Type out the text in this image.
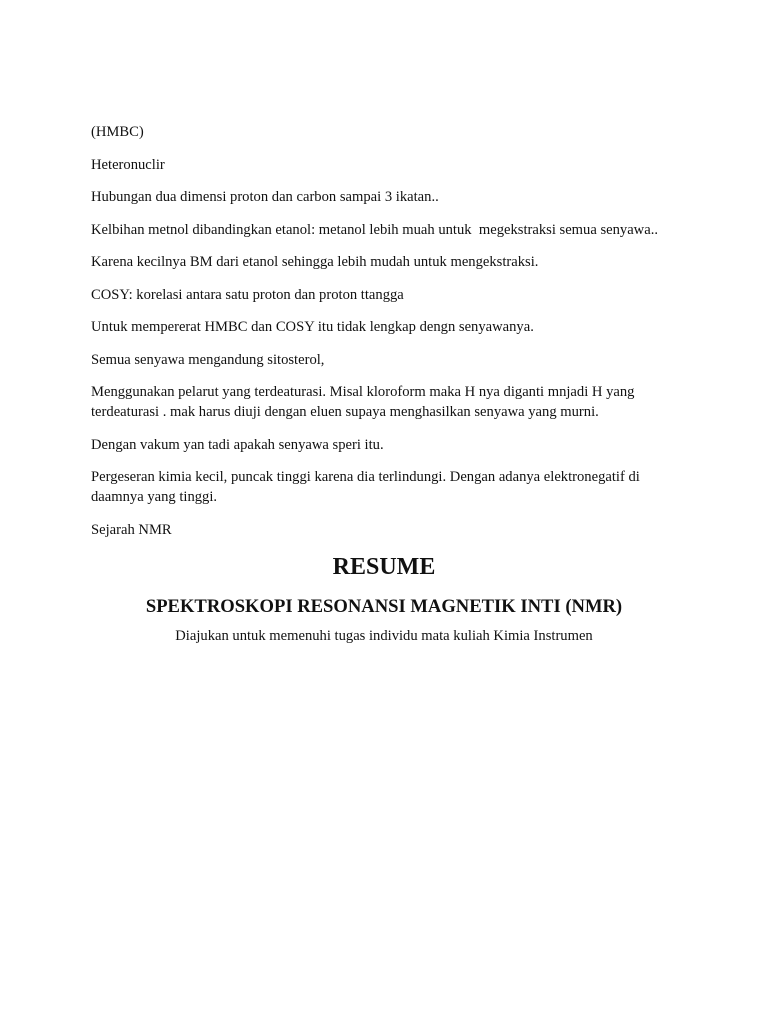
(HMBC)

Heteronuclir

Hubungan dua dimensi proton dan carbon sampai 3 ikatan..

Kelbihan metnol dibandingkan etanol: metanol lebih muah untuk  megekstraksi semua senyawa..

Karena kecilnya BM dari etanol sehingga lebih mudah untuk mengekstraksi.

COSY: korelasi antara satu proton dan proton ttangga

Untuk mempererat HMBC dan COSY itu tidak lengkap dengn senyawanya.

Semua senyawa mengandung sitosterol,

Menggunakan pelarut yang terdeaturasi. Misal kloroform maka H nya diganti mnjadi H yang terdeaturasi . mak harus diuji dengan eluen supaya menghasilkan senyawa yang murni.

Dengan vakum yan tadi apakah senyawa speri itu.

Pergeseran kimia kecil, puncak tinggi karena dia terlindungi. Dengan adanya elektronegatif di daamnya yang tinggi.

Sejarah NMR

RESUME
SPEKTROSKOPI RESONANSI MAGNETIK INTI (NMR)

Diajukan untuk memenuhi tugas individu mata kuliah Kimia Instrumen
